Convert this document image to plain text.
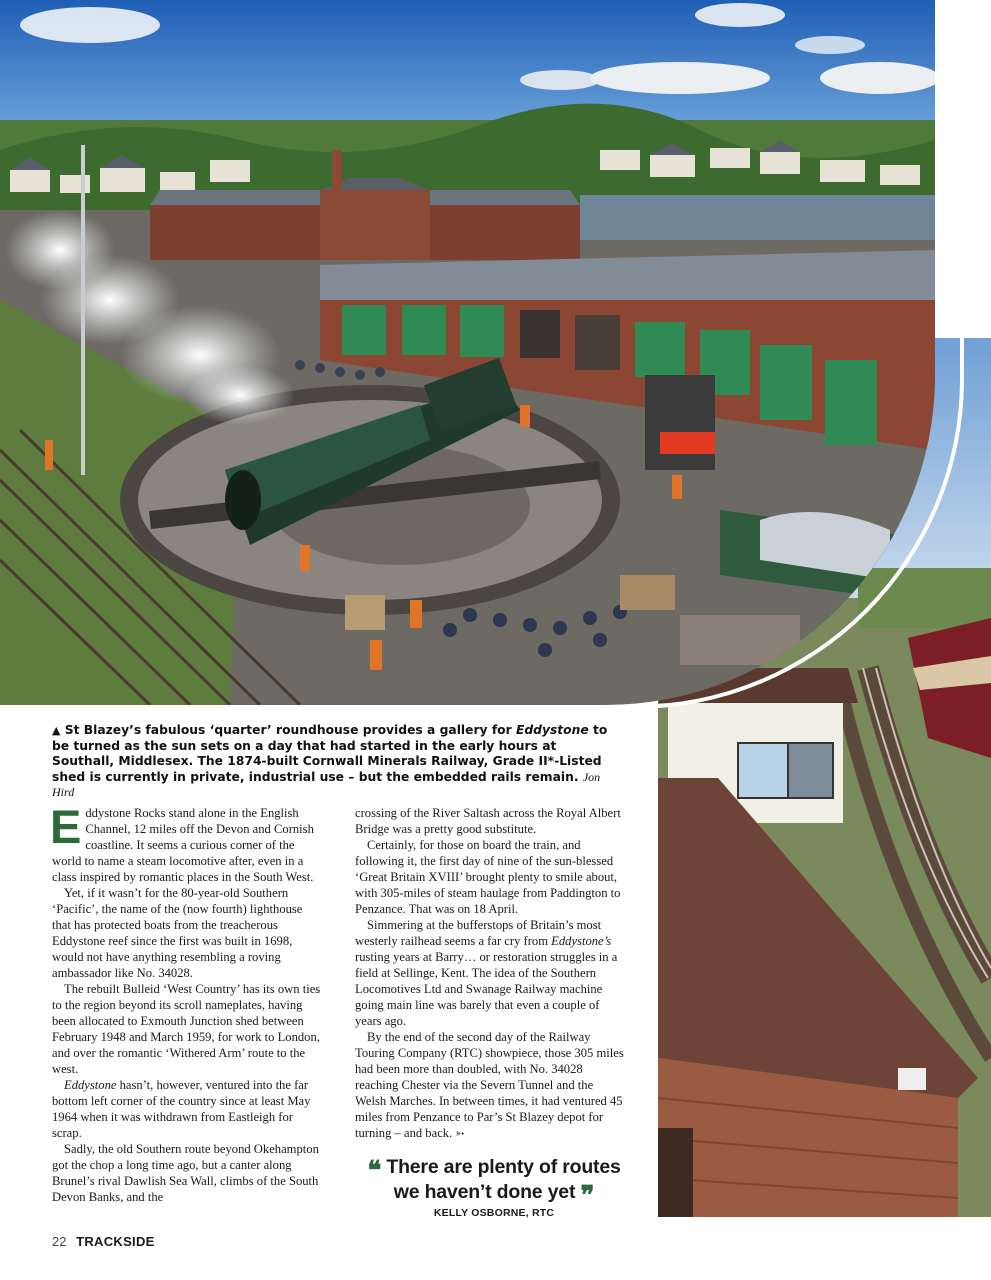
▲ St Blazey’s fabulous ‘quarter’ roundhouse provides a gallery for Eddystone to be turned as the sun sets on a day that had started in the early hours at Southall, Middlesex. The 1874-built Cornwall Minerals Railway, Grade II*-Listed shed is currently in private, industrial use – but the embedded rails remain. Jon Hird

Eddystone Rocks stand alone in the English Channel, 12 miles off the Devon and Cornish coastline. It seems a curious corner of the world to name a steam locomotive after, even in a class inspired by romantic places in the South West.

Yet, if it wasn’t for the 80-year-old Southern ‘Pacific’, the name of the (now fourth) lighthouse that has protected boats from the treacherous Eddystone reef since the first was built in 1698, would not have anything resembling a roving ambassador like No. 34028.

The rebuilt Bulleid ‘West Country’ has its own ties to the region beyond its scroll nameplates, having been allocated to Exmouth Junction shed between February 1948 and March 1959, for work to London, and over the romantic ‘Withered Arm’ route to the west.

Eddystone hasn’t, however, ventured into the far bottom left corner of the country since at least May 1964 when it was withdrawn from Eastleigh for scrap.

Sadly, the old Southern route beyond Okehampton got the chop a long time ago, but a canter along Brunel’s rival Dawlish Sea Wall, climbs of the South Devon Banks, and the

crossing of the River Saltash across the Royal Albert Bridge was a pretty good substitute.

Certainly, for those on board the train, and following it, the first day of nine of the sun-blessed ‘Great Britain XVIII’ brought plenty to smile about, with 305-miles of steam haulage from Paddington to Penzance. That was on 18 April.

Simmering at the bufferstops of Britain’s most westerly railhead seems a far cry from Eddystone’s rusting years at Barry… or restoration struggles in a field at Sellinge, Kent. The idea of the Southern Locomotives Ltd and Swanage Railway machine going main line was barely that even a couple of years ago.

By the end of the second day of the Railway Touring Company (RTC) showpiece, those 305 miles had been more than doubled, with No. 34028 reaching Chester via the Severn Tunnel and the Welsh Marches. In between times, it had ventured 45 miles from Penzance to Par’s St Blazey depot for turning – and back. ➳

❝ There are plenty of routes we haven’t done yet ❞
KELLY OSBORNE, RTC
22 TRACKSIDE
